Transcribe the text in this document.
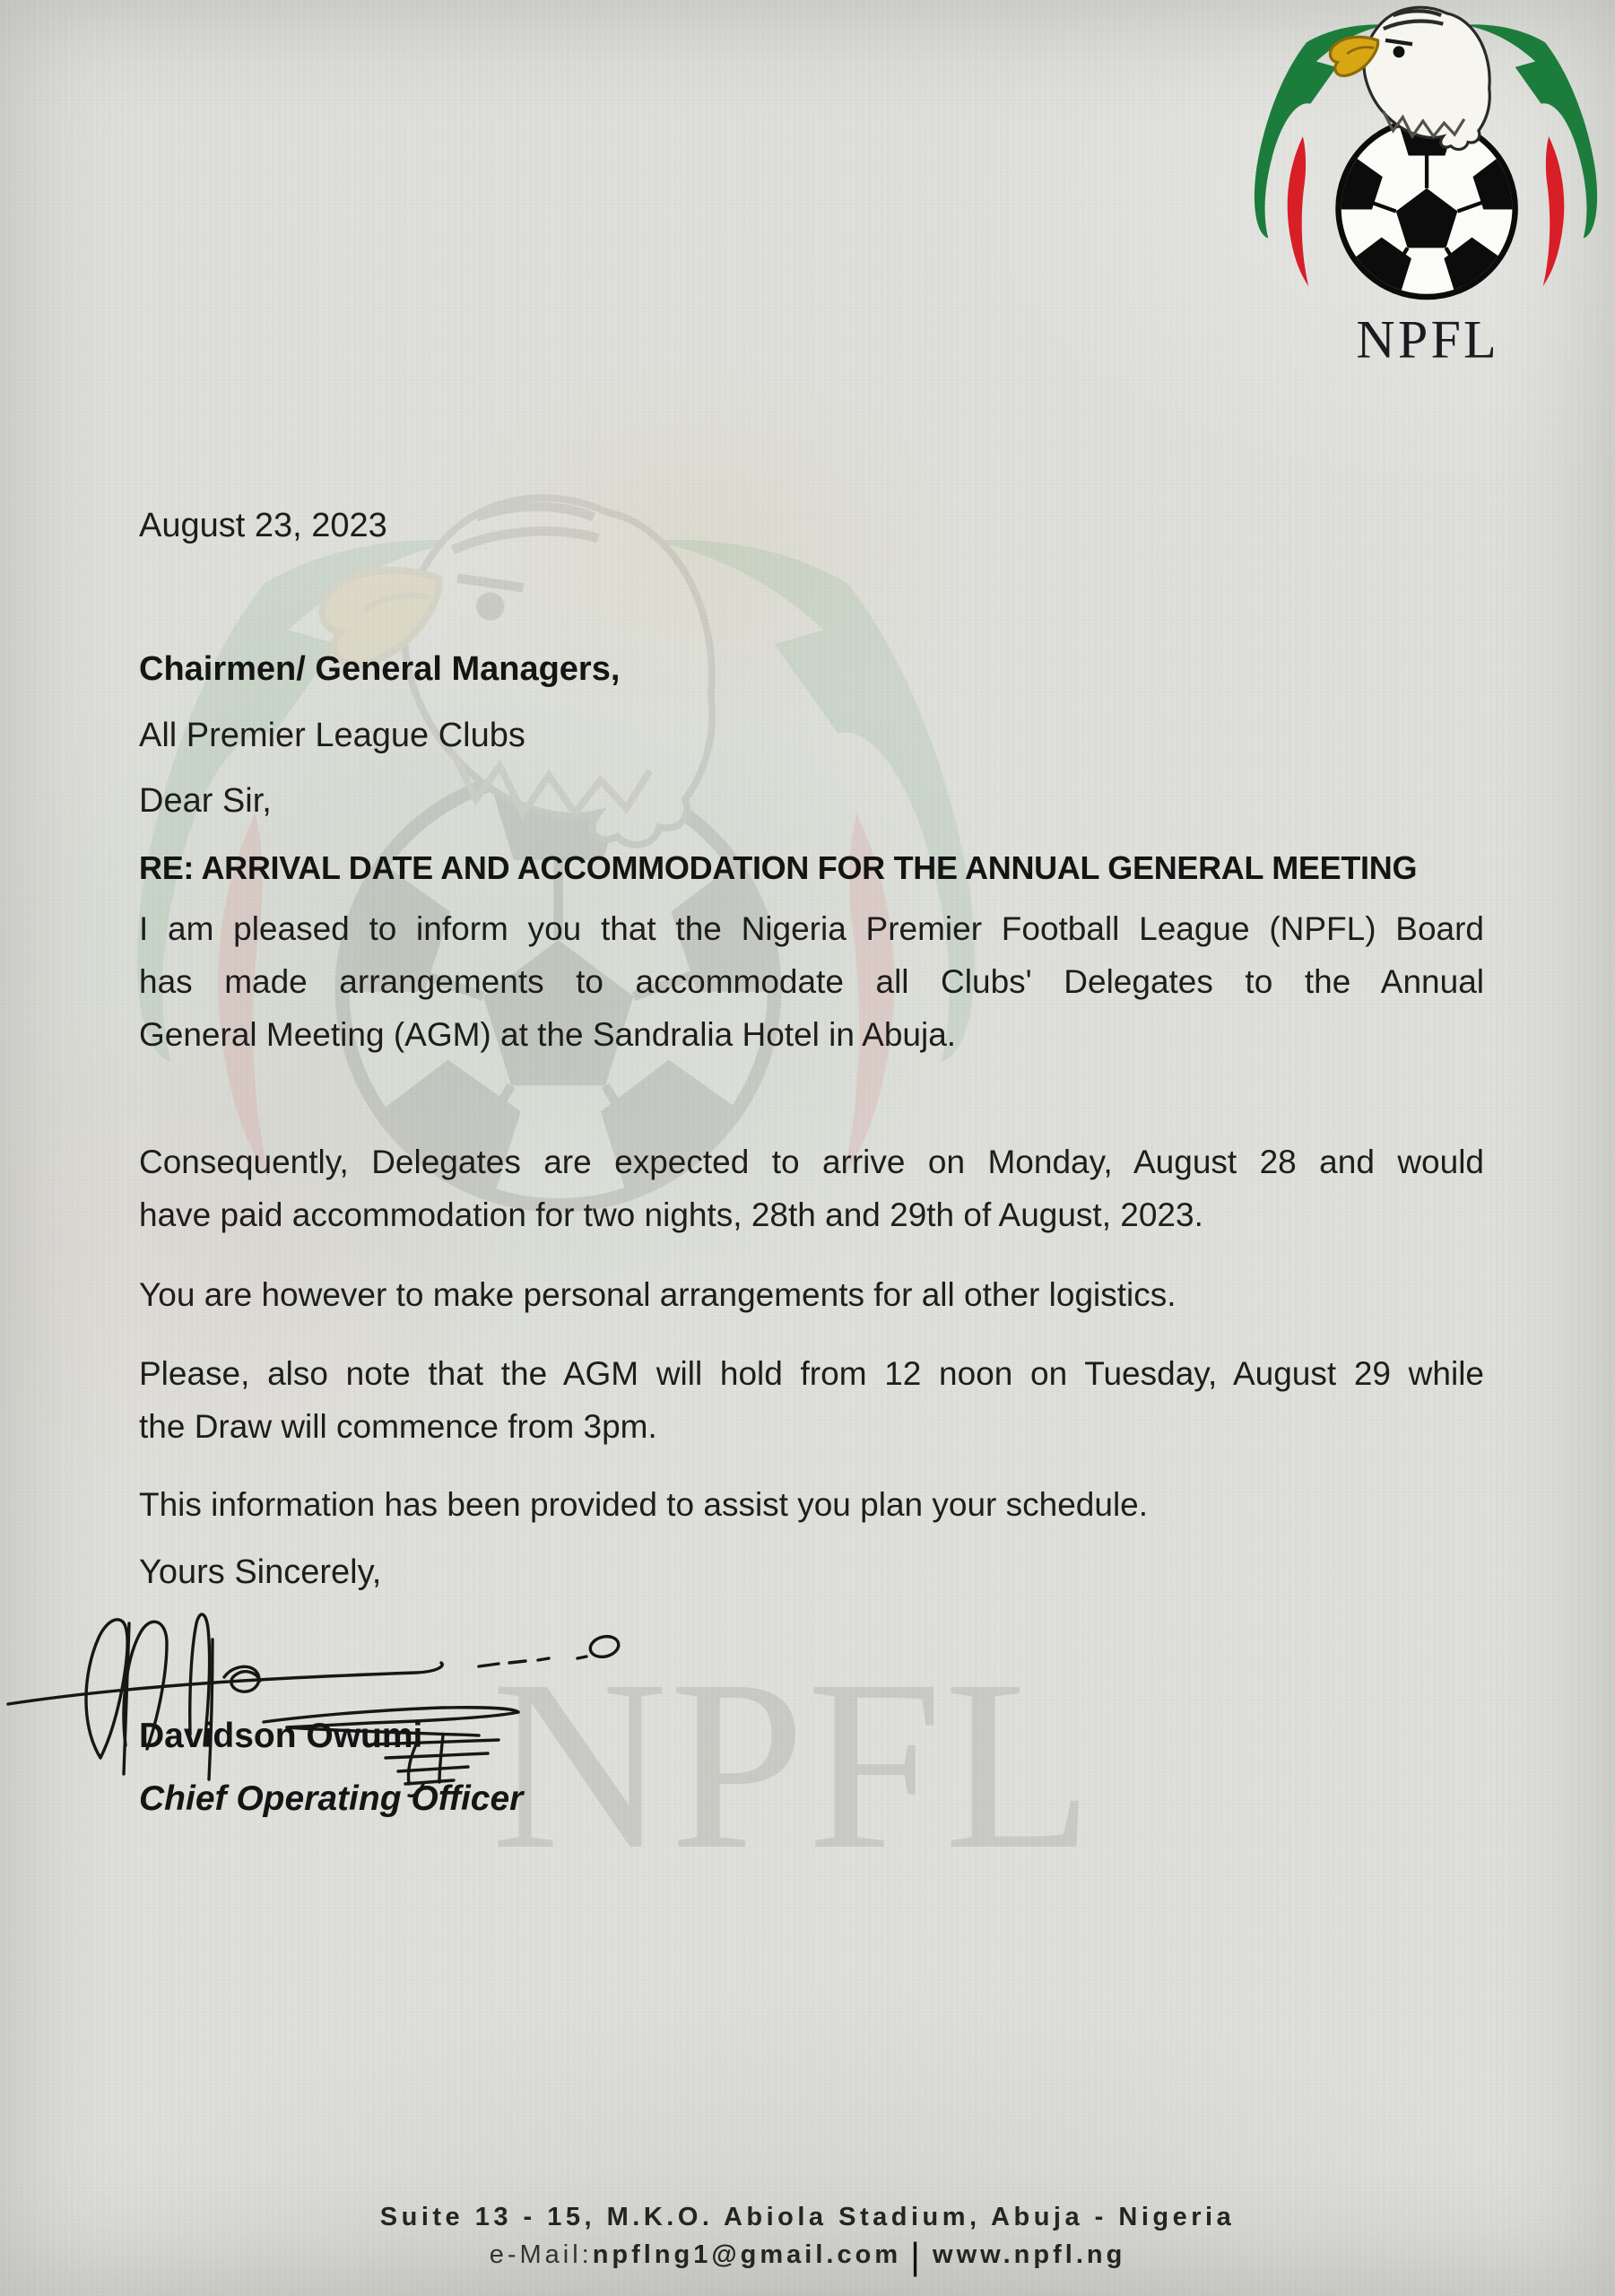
NPFL
NPFL
August 23, 2023
Chairmen/ General Managers,
All Premier League Clubs
Dear Sir,
RE: ARRIVAL DATE AND ACCOMMODATION FOR THE ANNUAL GENERAL MEETING
I am pleased to inform you that the Nigeria Premier Football League (NPFL) Board
has made arrangements to accommodate all Clubs' Delegates to the Annual
General Meeting (AGM) at the Sandralia Hotel in Abuja.
Consequently, Delegates are expected to arrive on Monday, August 28 and would
have paid accommodation for two nights, 28th and 29th of August, 2023.
You are however to make personal arrangements for all other logistics.
Please, also note that the AGM will hold from 12 noon on Tuesday, August 29 while
the Draw will commence from 3pm.
This information has been provided to assist you plan your schedule.
Yours Sincerely,
Davidson Owumi
Chief Operating Officer
Suite 13 - 15, M.K.O. Abiola Stadium, Abuja - Nigeria
e-Mail:npflng1@gmail.com | www.npfl.ng
